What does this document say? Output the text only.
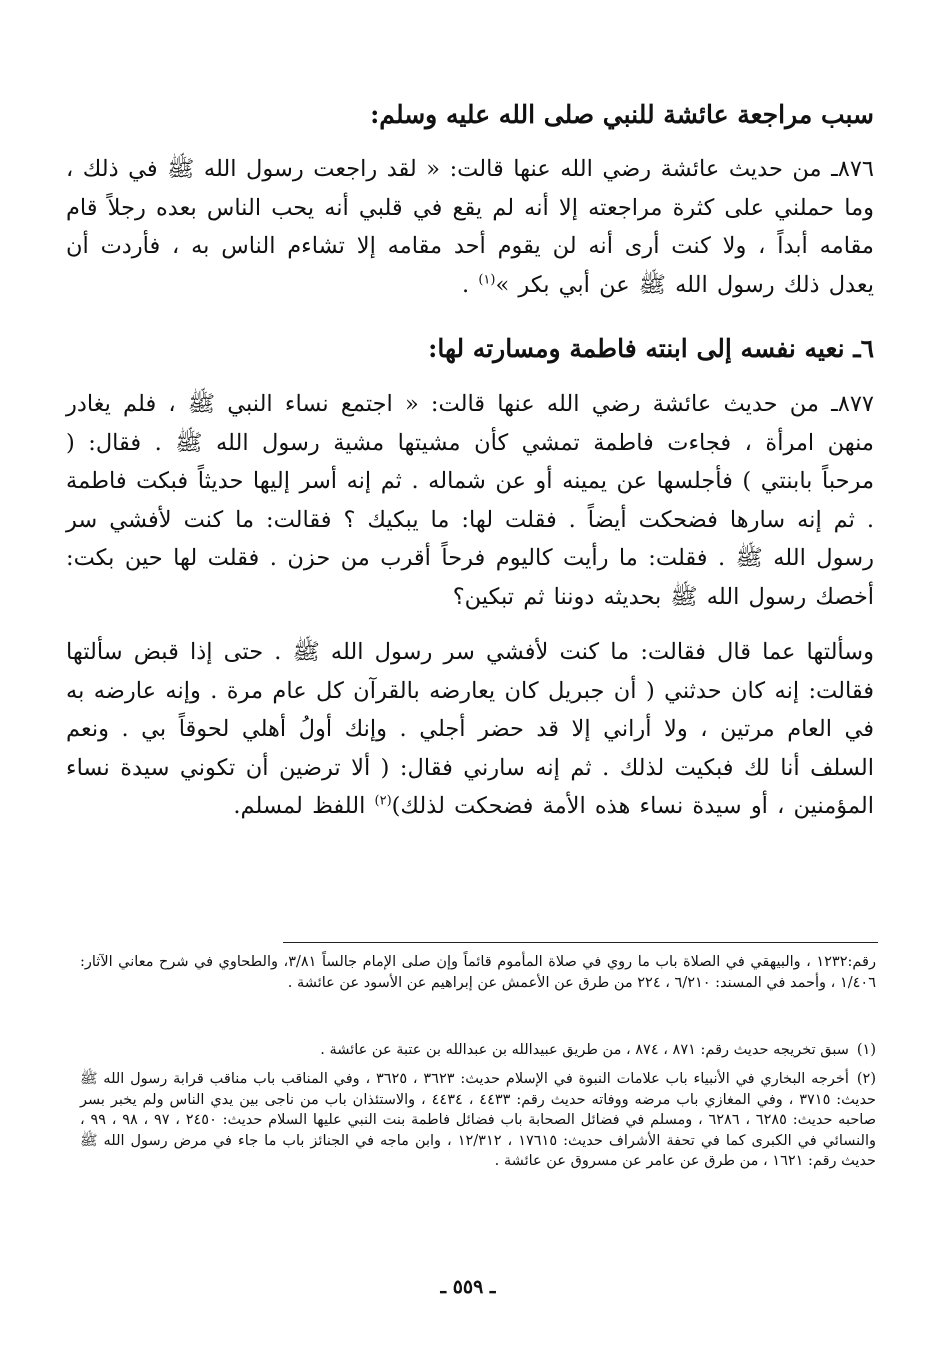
سبب مراجعة عائشة للنبي صلى الله عليه وسلم:
٨٧٦ـ من حديث عائشة رضي الله عنها قالت: « لقد راجعت رسول الله ﷺ في ذلك ، وما حملني على كثرة مراجعته إلا أنه لم يقع في قلبي أنه يحب الناس بعده رجلاً قام مقامه أبداً ، ولا كنت أرى أنه لن يقوم أحد مقامه إلا تشاءم الناس به ، فأردت أن يعدل ذلك رسول الله ﷺ عن أبي بكر »$^{(١)}$ .
٦ـ نعيه نفسه إلى ابنته فاطمة ومسارته لها:
٨٧٧ـ من حديث عائشة رضي الله عنها قالت: « اجتمع نساء النبي ﷺ ، فلم يغادر منهن امرأة ، فجاءت فاطمة تمشي كأن مشيتها مشية رسول الله ﷺ . فقال: ( مرحباً بابنتي ) فأجلسها عن يمينه أو عن شماله . ثم إنه أسر إليها حديثاً فبكت فاطمة . ثم إنه سارها فضحكت أيضاً . فقلت لها: ما يبكيك ؟ فقالت: ما كنت لأفشي سر رسول الله ﷺ . فقلت: ما رأيت كاليوم فرحاً أقرب من حزن . فقلت لها حين بكت: أخصك رسول الله ﷺ بحديثه دوننا ثم تبكين؟
وسألتها عما قال فقالت: ما كنت لأفشي سر رسول الله ﷺ . حتى إذا قبض سألتها فقالت: إنه كان حدثني ( أن جبريل كان يعارضه بالقرآن كل عام مرة . وإنه عارضه به في العام مرتين ، ولا أراني إلا قد حضر أجلي . وإنك أولُ أهلي لحوقاً بي . ونعم السلف أنا لك فبكيت لذلك . ثم إنه سارني فقال: ( ألا ترضين أن تكوني سيدة نساء المؤمنين ، أو سيدة نساء هذه الأمة فضحكت لذلك)$^{(٢)}$ اللفظ لمسلم.
رقم:١٢٣٢ ، والبيهقي في الصلاة باب ما روي في صلاة المأموم قائماً وإن صلى الإمام جالساً ٣/٨١، والطحاوي في شرح معاني الآثار: ١/٤٠٦ ، وأحمد في المسند: ٦/٢١٠ ، ٢٢٤ من طرق عن الأعمش عن إبراهيم عن الأسود عن عائشة .
(١)سبق تخريجه حديث رقم: ٨٧١ ، ٨٧٤ ، من طريق عبيدالله بن عبدالله بن عتبة عن عائشة .
(٢)أخرجه البخاري في الأنبياء باب علامات النبوة في الإسلام حديث: ٣٦٢٣ ، ٣٦٢٥ ، وفي المناقب باب مناقب قرابة رسول الله ﷺ حديث: ٣٧١٥ ، وفي المغازي باب مرضه ووفاته حديث رقم: ٤٤٣٣ ، ٤٤٣٤ ، والاستئذان باب من ناجى بين يدي الناس ولم يخبر بسر صاحبه حديث: ٦٢٨٥ ، ٦٢٨٦ ، ومسلم في فضائل الصحابة باب فضائل فاطمة بنت النبي عليها السلام حديث: ٢٤٥٠ ، ٩٧ ، ٩٨ ، ٩٩ ، والنسائي في الكبرى كما في تحفة الأشراف حديث: ١٧٦١٥ ، ١٢/٣١٢ ، وابن ماجه في الجنائز باب ما جاء في مرض رسول الله ﷺ حديث رقم: ١٦٢١ ، من طرق عن عامر عن مسروق عن عائشة .
ـ ٥٥٩ ـ
